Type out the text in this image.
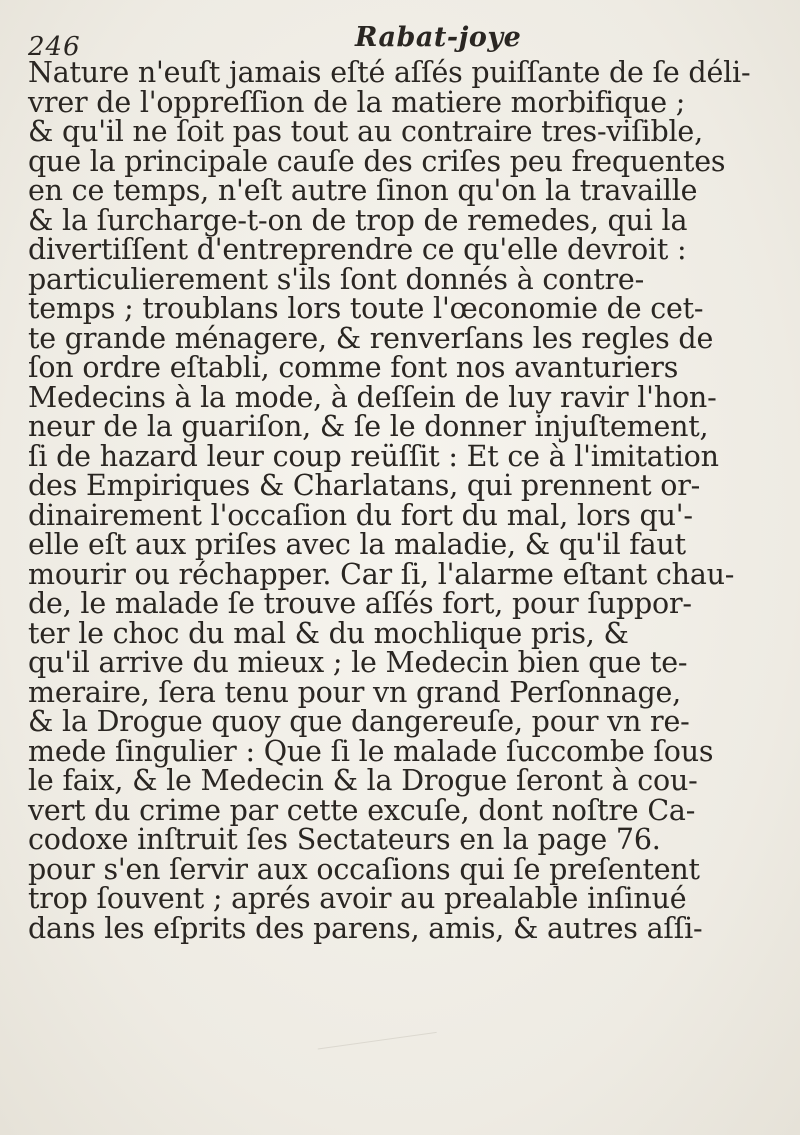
246	Rabat-joye
Nature n'euſt jamais eſté aſſés puiſſante de ſe déli-
vrer de l'oppreſſion de la matiere morbifique ;
& qu'il ne ſoit pas tout au contraire tres-viſible,
que la principale cauſe des criſes peu frequentes
en ce temps, n'eſt autre ſinon qu'on la travaille
& la ſurcharge-t-on de trop de remedes, qui la
divertiſſent d'entreprendre ce qu'elle devroit :
particulierement s'ils ſont donnés à contre-
temps ; troublans lors toute l'œconomie de cet-
te grande ménagere, & renverſans les regles de
ſon ordre eſtabli, comme font nos avanturiers
Medecins à la mode, à deſſein de luy ravir l'hon-
neur de la guariſon, & ſe le donner injuſtement,
ſi de hazard leur coup reüſſit : Et ce à l'imitation
des Empiriques & Charlatans, qui prennent or-
dinairement l'occaſion du fort du mal, lors qu'-
elle eſt aux priſes avec la maladie, & qu'il faut
mourir ou réchapper. Car ſi, l'alarme eſtant chau-
de, le malade ſe trouve aſſés fort, pour ſuppor-
ter le choc du mal & du mochlique pris, &
qu'il arrive du mieux ; le Medecin bien que te-
meraire, ſera tenu pour vn grand Perſonnage,
& la Drogue quoy que dangereuſe, pour vn re-
mede ſingulier : Que ſi le malade ſuccombe ſous
le faix, & le Medecin & la Drogue ſeront à cou-
vert du crime par cette excuſe, dont noſtre Ca-
codoxe inſtruit ſes Sectateurs en la page 76.
pour s'en ſervir aux occaſions qui ſe preſentent
trop ſouvent ; aprés avoir au prealable inſinué
dans les eſprits des parens, amis, & autres aſſi-
